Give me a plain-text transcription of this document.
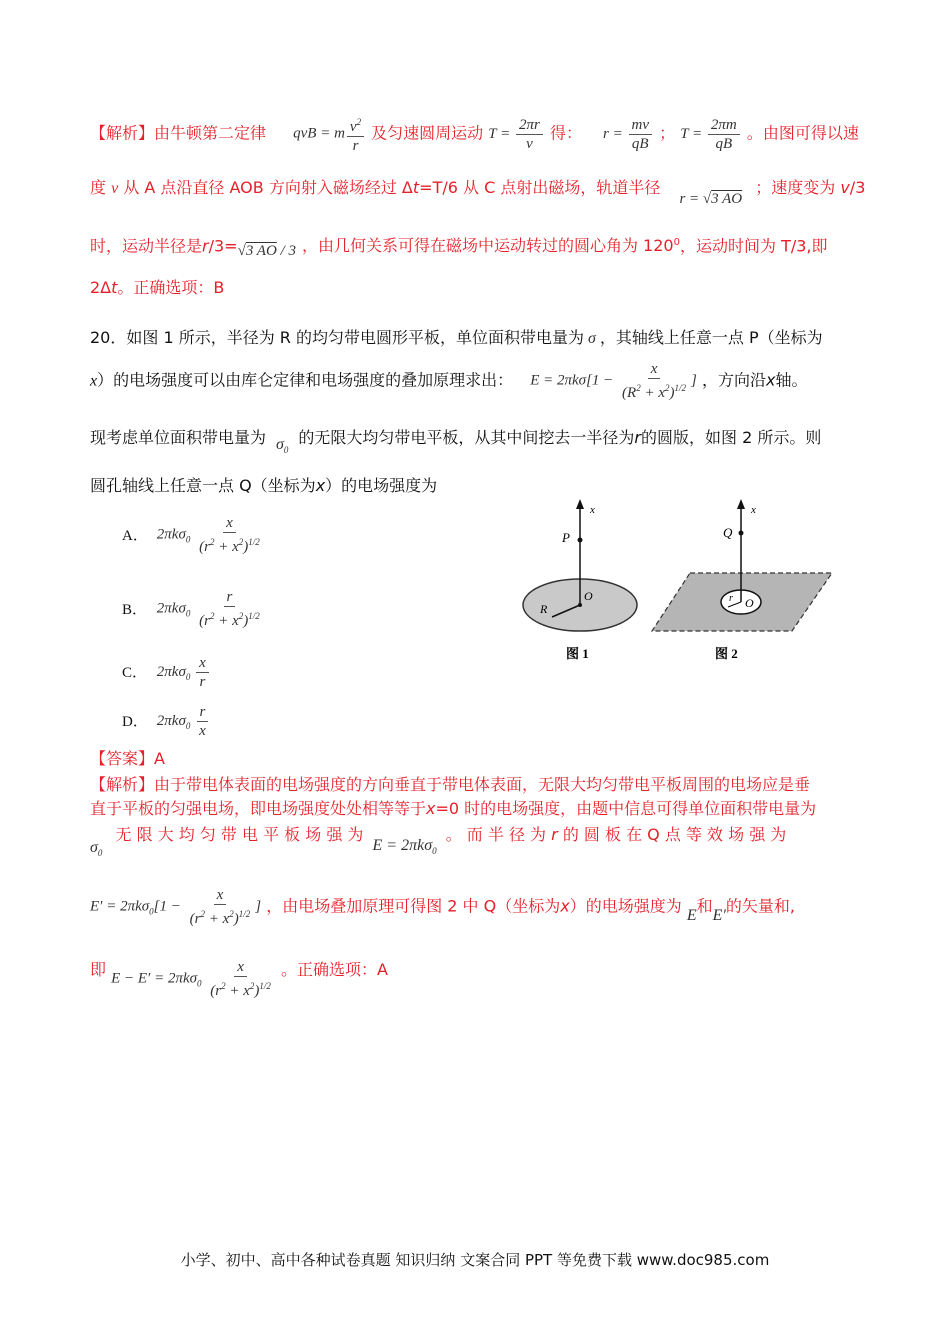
【解析】由牛顿第二定律 qvB = m $\frac{v^2}{r}$ 及匀速圆周运动 $T = \frac{2\pi r}{v}$ 得： $r = \frac{mv}{qB}$ ； $T = \frac{2\pi m}{qB}$ 。由图可得以速
度 v 从 A 点沿直径 AOB 方向射入磁场经过 Δt=T/6 从 C 点射出磁场，轨道半径 r = √3 AO ；速度变为 v/3
时，运动半径是r/3=√3 AO / 3 ，由几何关系可得在磁场中运动转过的圆心角为 $120^0$，运动时间为 T/3,即
2Δt。正确选项：B
20．如图 1 所示，半径为 R 的均匀带电圆形平板，单位面积带电量为 σ ，其轴线上任意一点 P（坐标为
x）的电场强度可以由库仑定律和电场强度的叠加原理求出： $E = 2\pi k\sigma[1 - \frac{x}{(R^2 + x^2)^{1/2}}$ ] ，方向沿x轴。
现考虑单位面积带电量为 $\sigma_0$的无限大均匀带电平板，从其中间挖去一半径为r的圆版，如图 2 所示。则
圆孔轴线上任意一点 Q（坐标为x）的电场强度为
A． $2\pi k\sigma_0 \frac{x}{(r^2 + x^2)^{1/2}}$
B． $2\pi k\sigma_0 \frac{r}{(r^2 + x^2)^{1/2}}$
C． $2\pi k\sigma_0 \frac{x}{r}$
D． $2\pi k\sigma_0 \frac{r}{x}$
x
P
O
R
图 1
x
Q
O
r
图 2
【答案】A
【解析】由于带电体表面的电场强度的方向垂直于带电体表面，无限大均匀带电平板周围的电场应是垂
直于平板的匀强电场，即电场强度处处相等等于x=0 时的电场强度，由题中信息可得单位面积带电量为
$\sigma_0$ 无 限 大 均 匀 带 电 平 板 场 强 为 E = 2πkσ$_0$ 。 而 半 径 为 r 的 圆 板 在 Q 点 等 效 场 强 为
$E' = 2\pi k\sigma_0[1 - \frac{x}{(r^2 + x^2)^{1/2}}$ ] ，由电场叠加原理可得图 2 中 Q（坐标为x）的电场强度为 E和E′的矢量和,
即 $E - E' = 2\pi k\sigma_0 \frac{x}{(r^2 + x^2)^{1/2}}$ 。正确选项：A
小学、初中、高中各种试卷真题 知识归纳 文案合同 PPT 等免费下载 www.doc985.com
